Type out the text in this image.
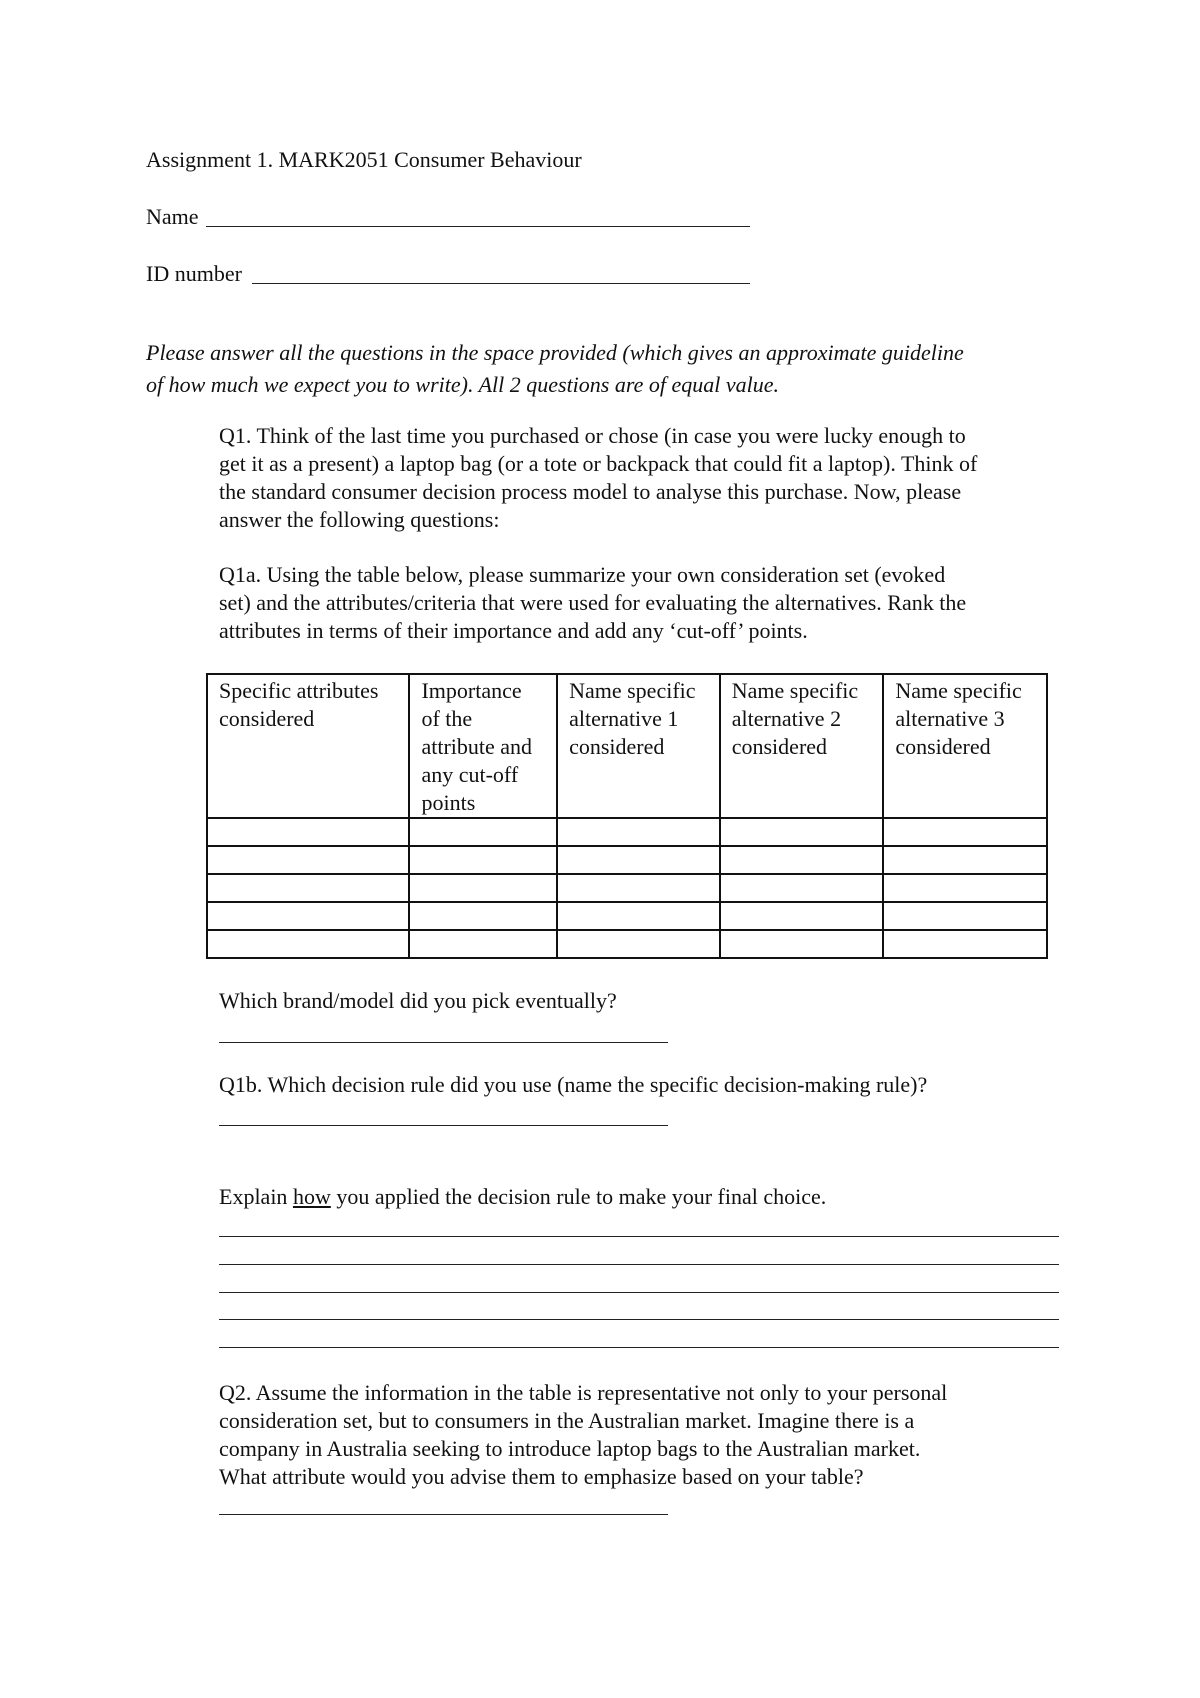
Assignment 1. MARK2051 Consumer Behaviour
Name
ID number
Please answer all the questions in the space provided (which gives an approximate guideline
of how much we expect you to write). All 2 questions are of equal value.
Q1. Think of the last time you purchased or chose (in case you were lucky enough to
get it as a present) a laptop bag (or a tote or backpack that could fit a laptop). Think of
the standard consumer decision process model to analyse this purchase. Now, please
answer the following questions:
Q1a. Using the table below, please summarize your own consideration set (evoked
set) and the attributes/criteria that were used for evaluating the alternatives. Rank the
attributes in terms of their importance and add any ‘cut-off’ points.
Specific attributes
considered	Importance
of the
attribute and
any cut-off
points	Name specific
alternative 1
considered	Name specific
alternative 2
considered	Name specific
alternative 3
considered

Which brand/model did you pick eventually?
Q1b. Which decision rule did you use (name the specific decision-making rule)?
Explain how you applied the decision rule to make your final choice.
Q2. Assume the information in the table is representative not only to your personal
consideration set, but to consumers in the Australian market. Imagine there is a
company in Australia seeking to introduce laptop bags to the Australian market.
What attribute would you advise them to emphasize based on your table?
